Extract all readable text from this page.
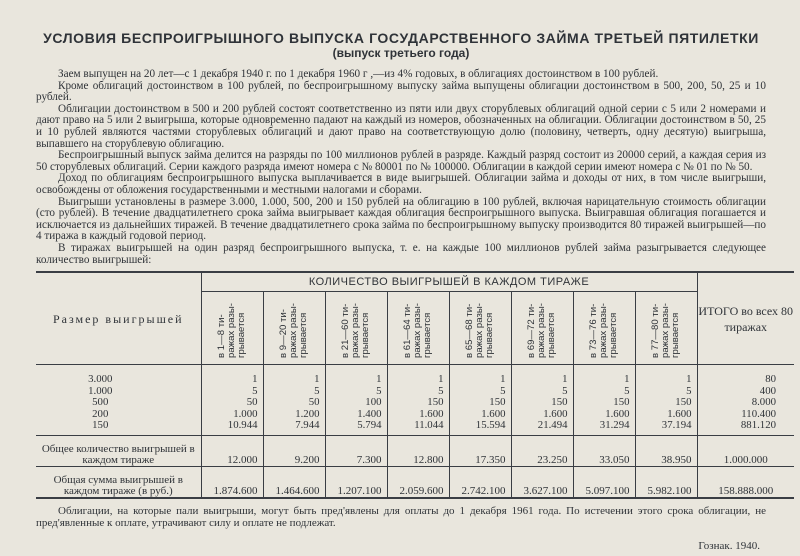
УСЛОВИЯ БЕСПРОИГРЫШНОГО ВЫПУСКА ГОСУДАРСТВЕННОГО ЗАЙМА ТРЕТЬЕЙ ПЯТИЛЕТКИ
(выпуск третьего года)

Заем выпущен на 20 лет—с 1 декабря 1940 г. по 1 декабря 1960 г ,—из 4% годовых, в облигациях достоинством в 100 рублей.

Кроме облигаций достоинством в 100 рублей, по беспроигрышному выпуску займа выпущены облигации достоинством в 500, 200, 50, 25 и 10 рублей.

Облигации достоинством в 500 и 200 рублей состоят соответственно из пяти или двух сторублевых облигаций одной серии с 5 или 2 номерами и дают право на 5 или 2 выигрыша, которые одновременно падают на каждый из номеров, обозначенных на облигации. Облигации достоинством в 50, 25 и 10 рублей являются частями сторублевых облигаций и дают право на соответствующую долю (половину, четверть, одну десятую) выигрыша, выпавшего на сторублевую облигацию.

Беспроигрышный выпуск займа делится на разряды по 100 миллионов рублей в разряде. Каждый разряд состоит из 20000 серий, а каждая серия из 50 сторублевых облигаций. Серии каждого разряда имеют номера с № 80001 по № 100000. Облигации в каждой серии имеют номера с № 01 по № 50.

Доход по облигациям беспроигрышного выпуска выплачивается в виде выигрышей. Облигации займа и доходы от них, в том числе выигрыши, освобождены от обложения государственными и местными налогами и сборами.

Выигрыши установлены в размере 3.000, 1.000, 500, 200 и 150 рублей на облигацию в 100 рублей, включая нарицательную стоимость облигации (сто рублей). В течение двадцатилетнего срока займа выигрывает каждая облигация беспроигрышного выпуска. Выигравшая облигация погашается и исключается из дальнейших тиражей. В течение двадцатилетнего срока займа по беспроигрышному выпуску производится 80 тиражей выигрышей—по 4 тиража в каждый годовой период.

В тиражах выигрышей на один разряд беспроигрышного выпуска, т. е. на каждые 100 миллионов рублей займа разыгрывается следующее количество выигрышей:

Размер выигрышей	КОЛИЧЕСТВО ВЫИГРЫШЕЙ В КАЖДОМ ТИРАЖЕ								ИТОГО во всех 80 тиражах

	в 1—8 ти-
ражах разы-
грывается	в 9—20 ти-
ражах разы-
грывается	в 21—60 ти-
ражах разы-
грывается	в 61—64 ти-
ражах разы-
грывается	в 65—68 ти-
ражах разы-
грывается	в 69—72 ти-
ражах разы-
грывается	в 73—76 ти-
ражах разы-
грывается	в 77—80 ти-
ражах разы-
грывается	

3.000	1	1	1	1	1	1	1	1	80
1.000	5	5	5	5	5	5	5	5	400
500	50	50	100	150	150	150	150	150	8.000
200	1.000	1.200	1.400	1.600	1.600	1.600	1.600	1.600	110.400
150	10.944	7.944	5.794	11.044	15.594	21.494	31.294	37.194	881.120
Общее количество выигрышей в каждом тираже	12.000	9.200	7.300	12.800	17.350	23.250	33.050	38.950	1.000.000
Общая сумма выигрышей в каждом тираже (в руб.)	1.874.600	1.464.600	1.207.100	2.059.600	2.742.100	3.627.100	5.097.100	5.982.100	158.888.000

Облигации, на которые пали выигрыши, могут быть пред'явлены для оплаты до 1 декабря 1961 года. По истечении этого срока облигации, не пред'явленные к оплате, утрачивают силу и оплате не подлежат.

Гознак. 1940.
